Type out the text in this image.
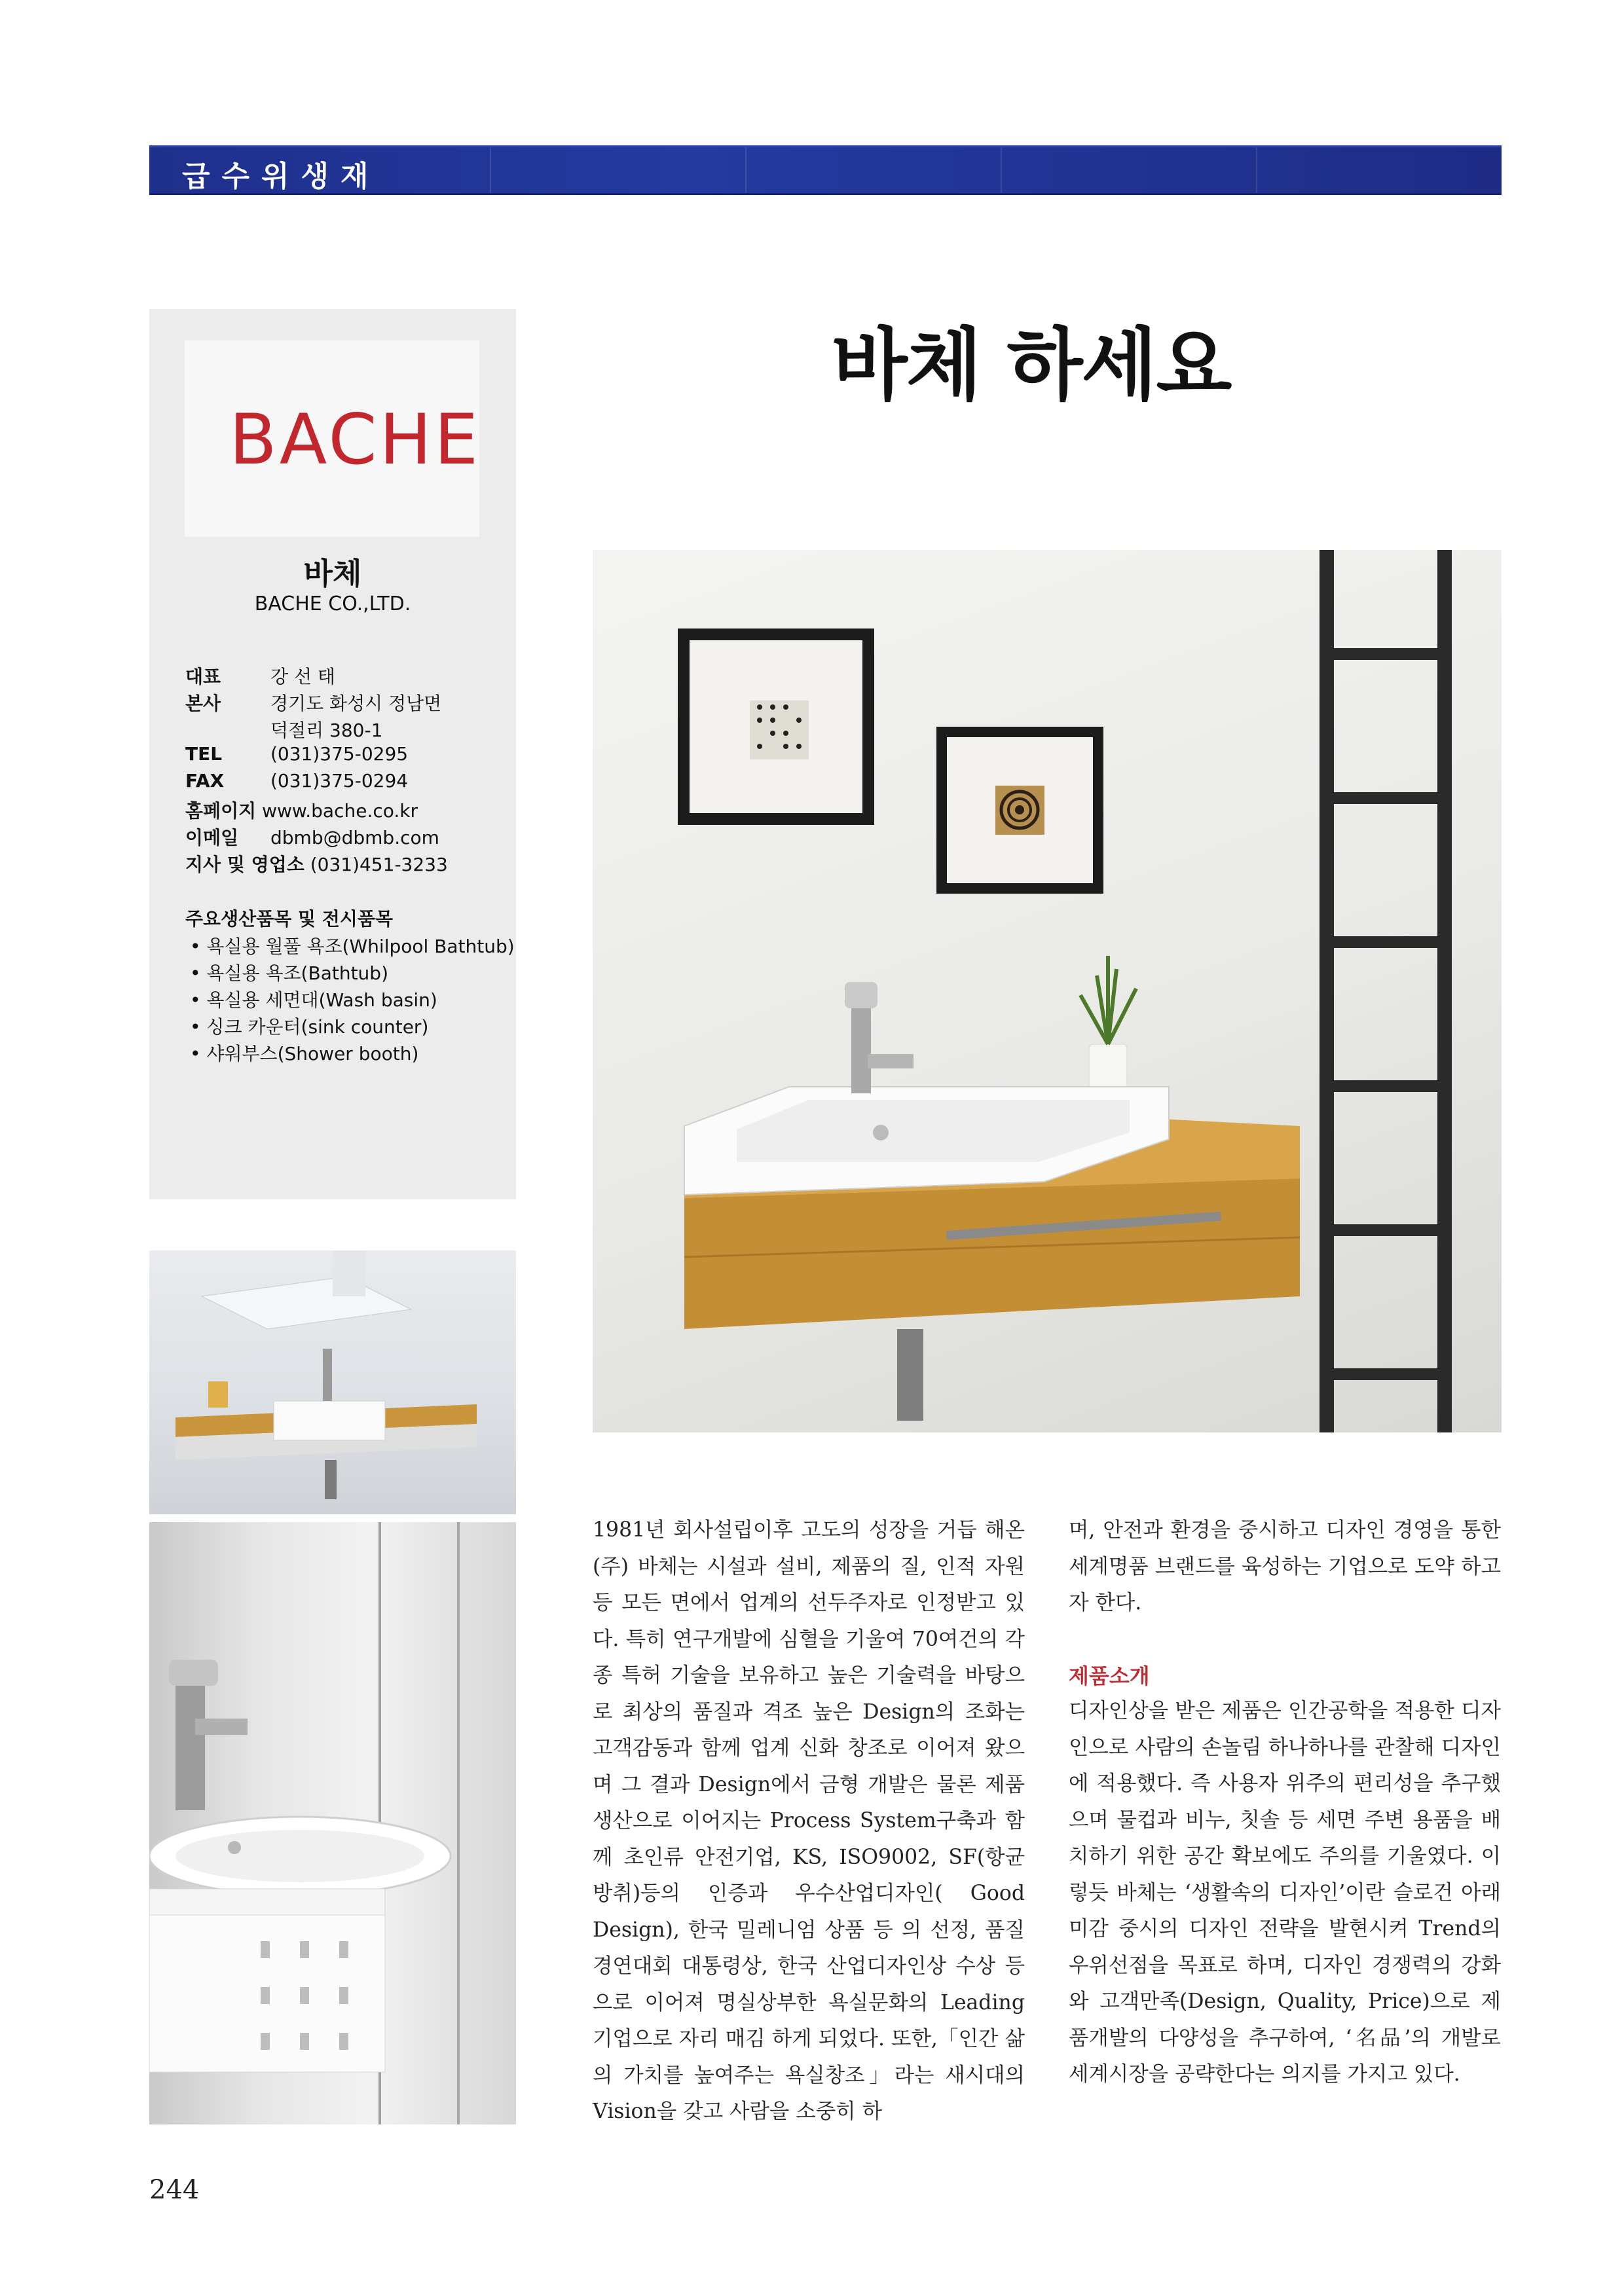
급수위생재
바체 하세요
BACHE
바체
BACHE CO.,LTD.
대표	강 선 태
본사	경기도 화성시 정남면
덕절리 380-1
TEL	(031)375-0295
FAX	(031)375-0294
홈페이지 www.bache.co.kr
이메일 dbmb@dbmb.com
지사 및 영업소 (031)451-3233
주요생산품목 및 전시품목
• 욕실용 월풀 욕조(Whilpool Bathtub)
• 욕실용 욕조(Bathtub)
• 욕실용 세면대(Wash basin)
• 싱크 카운터(sink counter)
• 샤워부스(Shower booth)
1981년 회사설립이후 고도의 성장을 거듭 해온 (주) 바체는 시설과 설비, 제품의 질, 인적 자원등 모든 면에서 업계의 선두주자로 인정받고 있다. 특히 연구개발에 심혈을 기울여 70여건의 각종 특허 기술을 보유하고 높은 기술력을 바탕으로 최상의 품질과 격조 높은 Design의 조화는 고객감동과 함께 업계 신화 창조로 이어져 왔으며 그 결과 Design에서 금형 개발은 물론 제품 생산으로 이어지는 Process System구축과 함께 초인류 안전기업, KS, ISO9002, SF(항균 방취)등의 인증과 우수산업디자인( Good Design), 한국 밀레니엄 상품 등 의 선정, 품질경연대회 대통령상, 한국 산업디자인상 수상 등으로 이어져 명실상부한 욕실문화의 Leading 기업으로 자리 매김 하게 되었다. 또한,「인간 삶의 가치를 높여주는 욕실창조」라는 새시대의 Vision을 갖고 사람을 소중히 하
며, 안전과 환경을 중시하고 디자인 경영을 통한 세계명품 브랜드를 육성하는 기업으로 도약 하고자 한다.
제품소개
디자인상을 받은 제품은 인간공학을 적용한 디자인으로 사람의 손놀림 하나하나를 관찰해 디자인에 적용했다. 즉 사용자 위주의 편리성을 추구했으며 물컵과 비누, 칫솔 등 세면 주변 용품을 배치하기 위한 공간 확보에도 주의를 기울였다. 이렇듯 바체는 ‘생활속의 디자인’이란 슬로건 아래 미감 중시의 디자인 전략을 발현시켜 Trend의 우위선점을 목표로 하며, 디자인 경쟁력의 강화와 고객만족(Design, Quality, Price)으로 제품개발의 다양성을 추구하여, ‘名品’의 개발로 세계시장을 공략한다는 의지를 가지고 있다.
244
